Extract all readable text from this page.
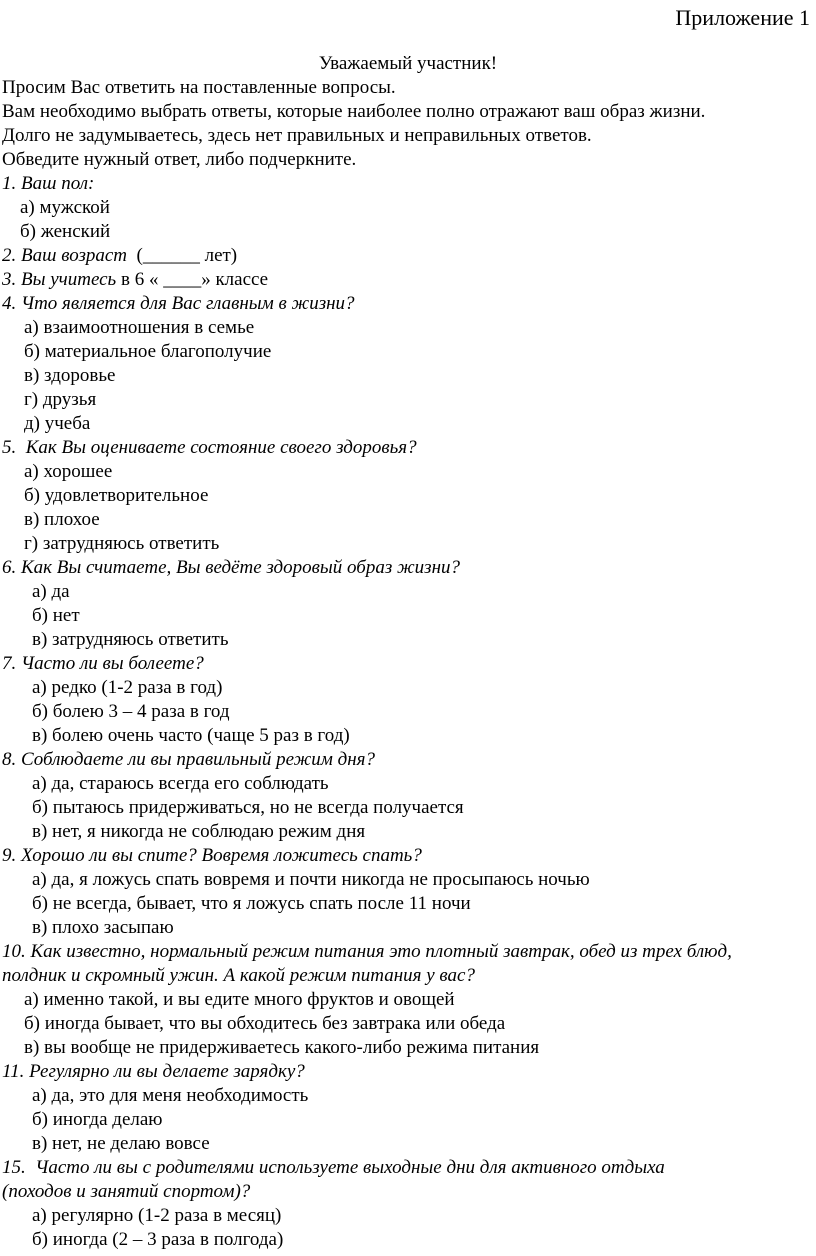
Приложение 1
Уважаемый участник!
Просим Вас ответить на поставленные вопросы.
Вам необходимо выбрать ответы, которые наиболее полно отражают ваш образ жизни.
Долго не задумываетесь, здесь нет правильных и неправильных ответов.
Обведите нужный ответ, либо подчеркните.
1. Ваш пол:
а) мужской
б) женский
2. Ваш возраст  (______ лет)
3. Вы учитесь в 6 « ____» классе
4. Что является для Вас главным в жизни?
а) взаимоотношения в семье
б) материальное благополучие
в) здоровье
г) друзья
д) учеба
5.  Как Вы оцениваете состояние своего здоровья?
а) хорошее
б) удовлетворительное
в) плохое
г) затрудняюсь ответить
6. Как Вы считаете, Вы ведёте здоровый образ жизни?
а) да
б) нет
в) затрудняюсь ответить
7. Часто ли вы болеете?
а) редко (1-2 раза в год)
б) болею 3 – 4 раза в год
в) болею очень часто (чаще 5 раз в год)
8. Соблюдаете ли вы правильный режим дня?
а) да, стараюсь всегда его соблюдать
б) пытаюсь придерживаться, но не всегда получается
в) нет, я никогда не соблюдаю режим дня
9. Хорошо ли вы спите? Вовремя ложитесь спать?
а) да, я ложусь спать вовремя и почти никогда не просыпаюсь ночью
б) не всегда, бывает, что я ложусь спать после 11 ночи
в) плохо засыпаю
10. Как известно, нормальный режим питания это плотный завтрак, обед из трех блюд,
полдник и скромный ужин. А какой режим питания у вас?
а) именно такой, и вы едите много фруктов и овощей
б) иногда бывает, что вы обходитесь без завтрака или обеда
в) вы вообще не придерживаетесь какого-либо режима питания
11. Регулярно ли вы делаете зарядку?
а) да, это для меня необходимость
б) иногда делаю
в) нет, не делаю вовсе
15.  Часто ли вы с родителями используете выходные дни для активного отдыха
(походов и занятий спортом)?
а) регулярно (1-2 раза в месяц)
б) иногда (2 – 3 раза в полгода)
